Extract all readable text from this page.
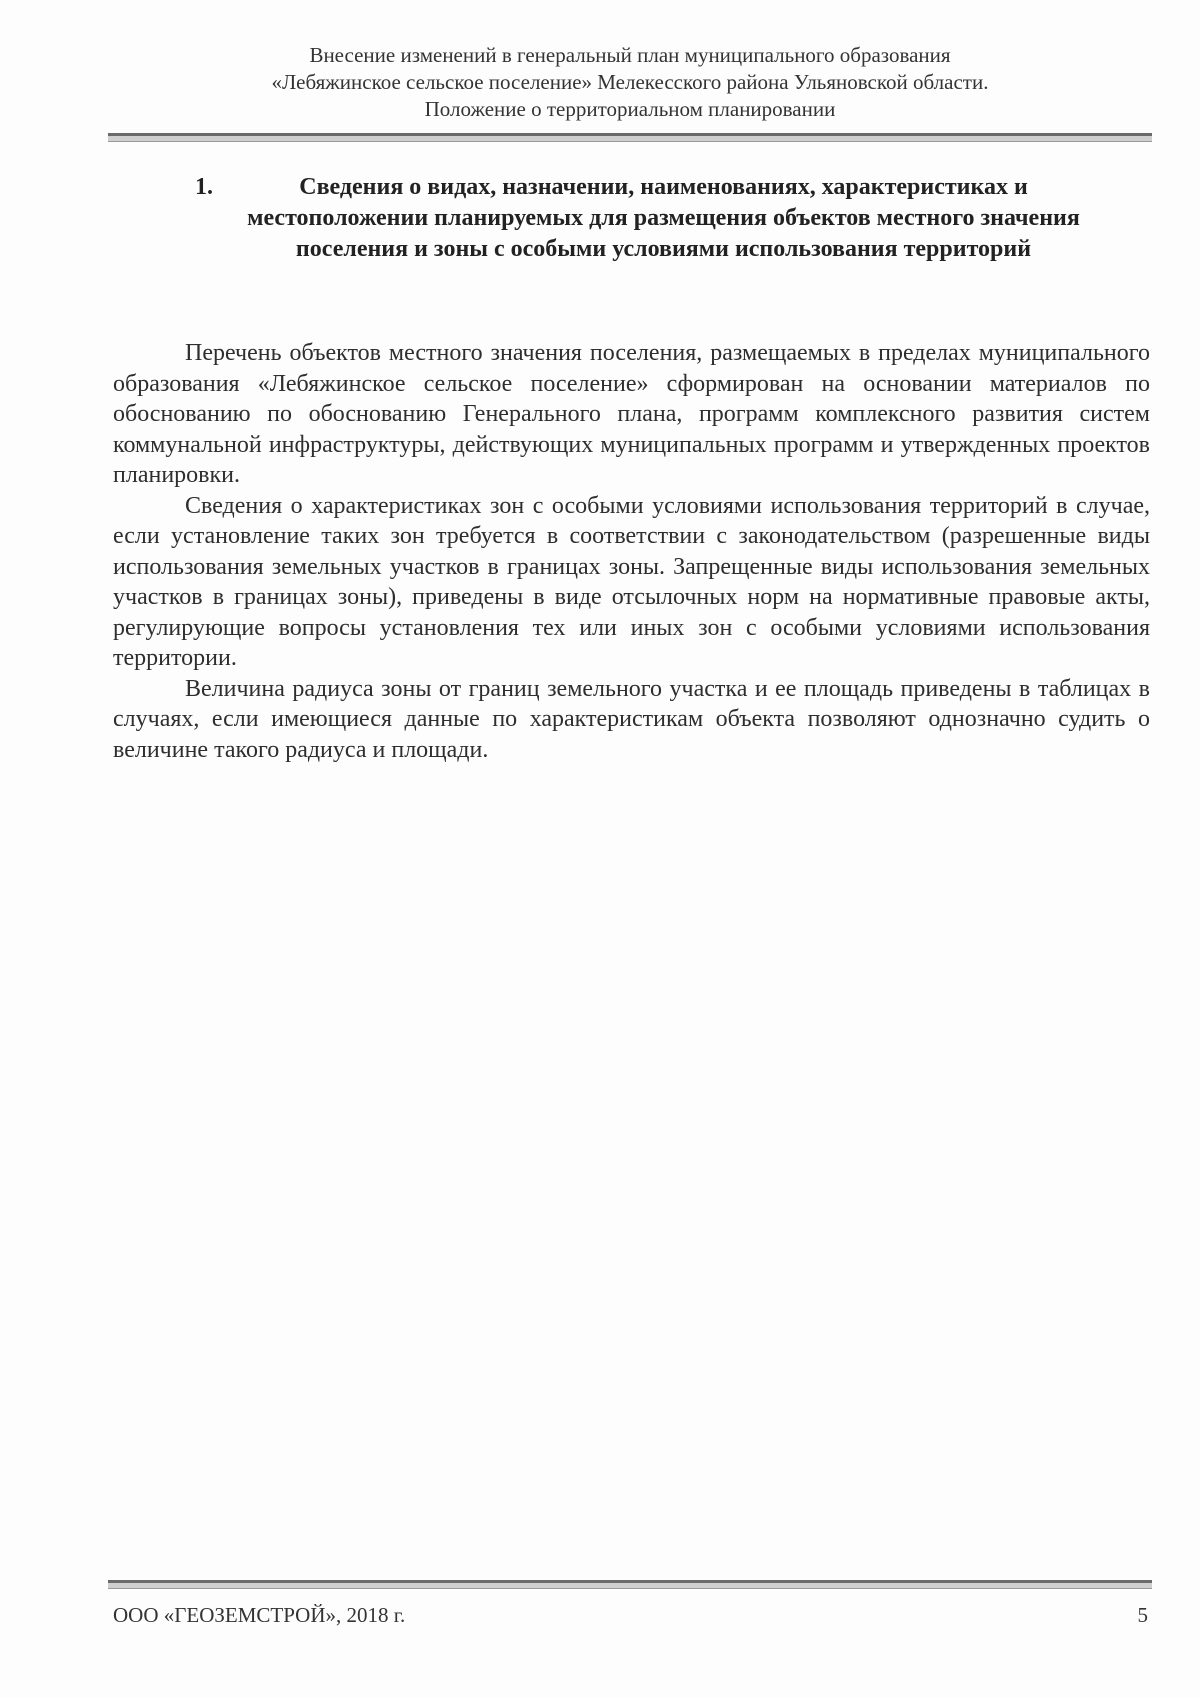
Внесение изменений в генеральный план муниципального образования
«Лебяжинское сельское поселение» Мелекесского района Ульяновской области.
Положение о территориальном планировании
1.	Сведения о видах, назначении, наименованиях, характеристиках и местоположении планируемых для размещения объектов местного значения поселения и зоны с особыми условиями использования территорий

Перечень объектов местного значения поселения, размещаемых в пределах муниципального образования «Лебяжинское сельское поселение» сформирован на основании материалов по обоснованию по обоснованию Генерального плана, программ комплексного развития систем коммунальной инфраструктуры, действующих муниципальных программ и утвержденных проектов планировки.

Сведения о характеристиках зон с особыми условиями использования территорий в случае, если установление таких зон требуется в соответствии с законодательством (разрешенные виды использования земельных участков в границах зоны. Запрещенные виды использования земельных участков в границах зоны), приведены в виде отсылочных норм на нормативные правовые акты, регулирующие вопросы установления тех или иных зон с особыми условиями использования территории.

Величина радиуса зоны от границ земельного участка и ее площадь приведены в таблицах в случаях, если имеющиеся данные по характеристикам объекта позволяют однозначно судить о величине такого радиуса и площади.

ООО «ГЕОЗЕМСТРОЙ», 2018 г.	5
